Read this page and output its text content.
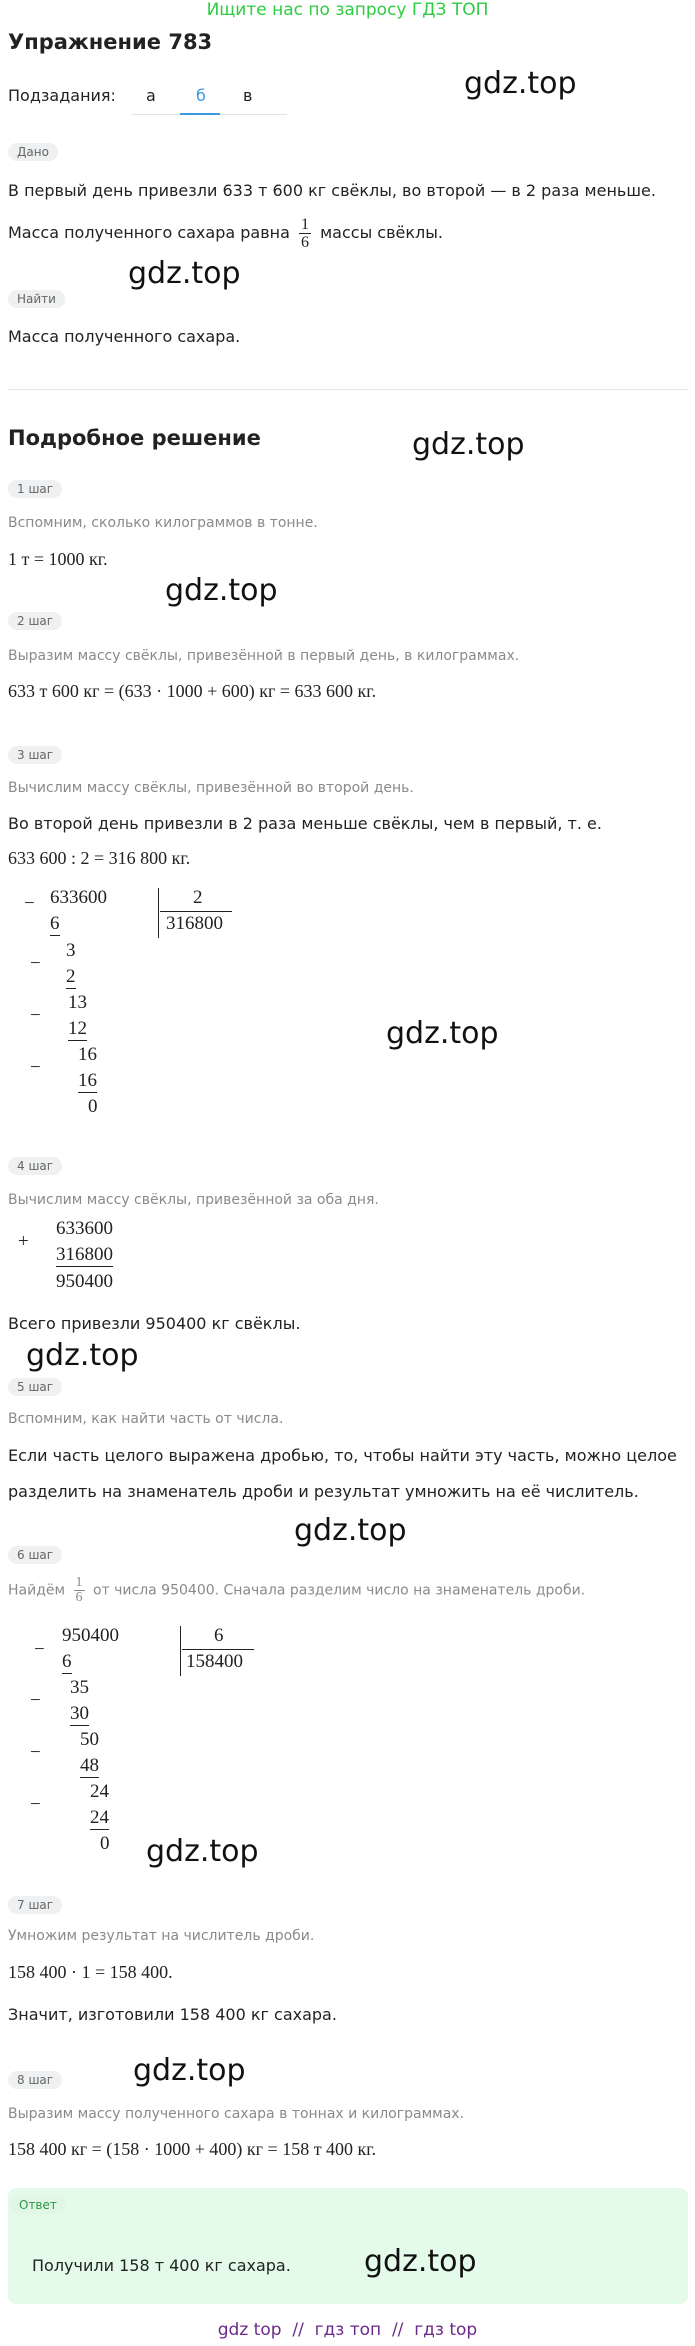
Ищите нас по запросу ГДЗ ТОП
Упражнение 783
Подзадания: а	б в	gdz.top
Дано
В первый день привезли 633 т 600 кг свёклы, во второй — в 2 раза меньше.
Масса полученного сахара равна $\frac{1}{6}$ массы свёклы.
gdz.top
Найти
Масса полученного сахара.
Подробное решение	gdz.top
1 шаг
Вспомним, сколько килограммов в тонне.
1 т = 1000 кг.
gdz.top
2 шаг
Выразим массу свёклы, привезённой в первый день, в килограммах.
633 т 600 кг = (633 · 1000 + 600) кг = 633 600 кг.
3 шаг
Вычислим массу свёклы, привезённой во второй день.
Во второй день привезли в 2 раза меньше свёклы, чем в первый, т. е.
633 600 : 2 = 316 800 кг.
− 633600	2
316800
6
3
−
2
13
−
12
16
−
16
0
gdz.top
4 шаг
Вычислим массу свёклы, привезённой за оба дня.
+
633600
316800
950400
Всего привезли 950400 кг свёклы.
gdz.top
5 шаг
Вспомним, как найти часть от числа.
Если часть целого выражена дробью, то, чтобы найти эту часть, можно целое
разделить на знаменатель дроби и результат умножить на её числитель.
gdz.top
6 шаг
Найдём $\frac{1}{6}$ от числа 950400. Сначала разделим число на знаменатель дроби.
−
950400	6
158400
6
35
−
30
50
−
48
24
−
24
0 gdz.top
7 шаг
Умножим результат на числитель дроби.
158 400 · 1 = 158 400.
Значит, изготовили 158 400 кг сахара.
8 шаг	gdz.top
Выразим массу полученного сахара в тоннах и килограммах.
158 400 кг = (158 · 1000 + 400) кг = 158 т 400 кг.
Ответ
Получили 158 т 400 кг сахара. gdz.top
gdz top  //  гдз топ  //  гдз top
